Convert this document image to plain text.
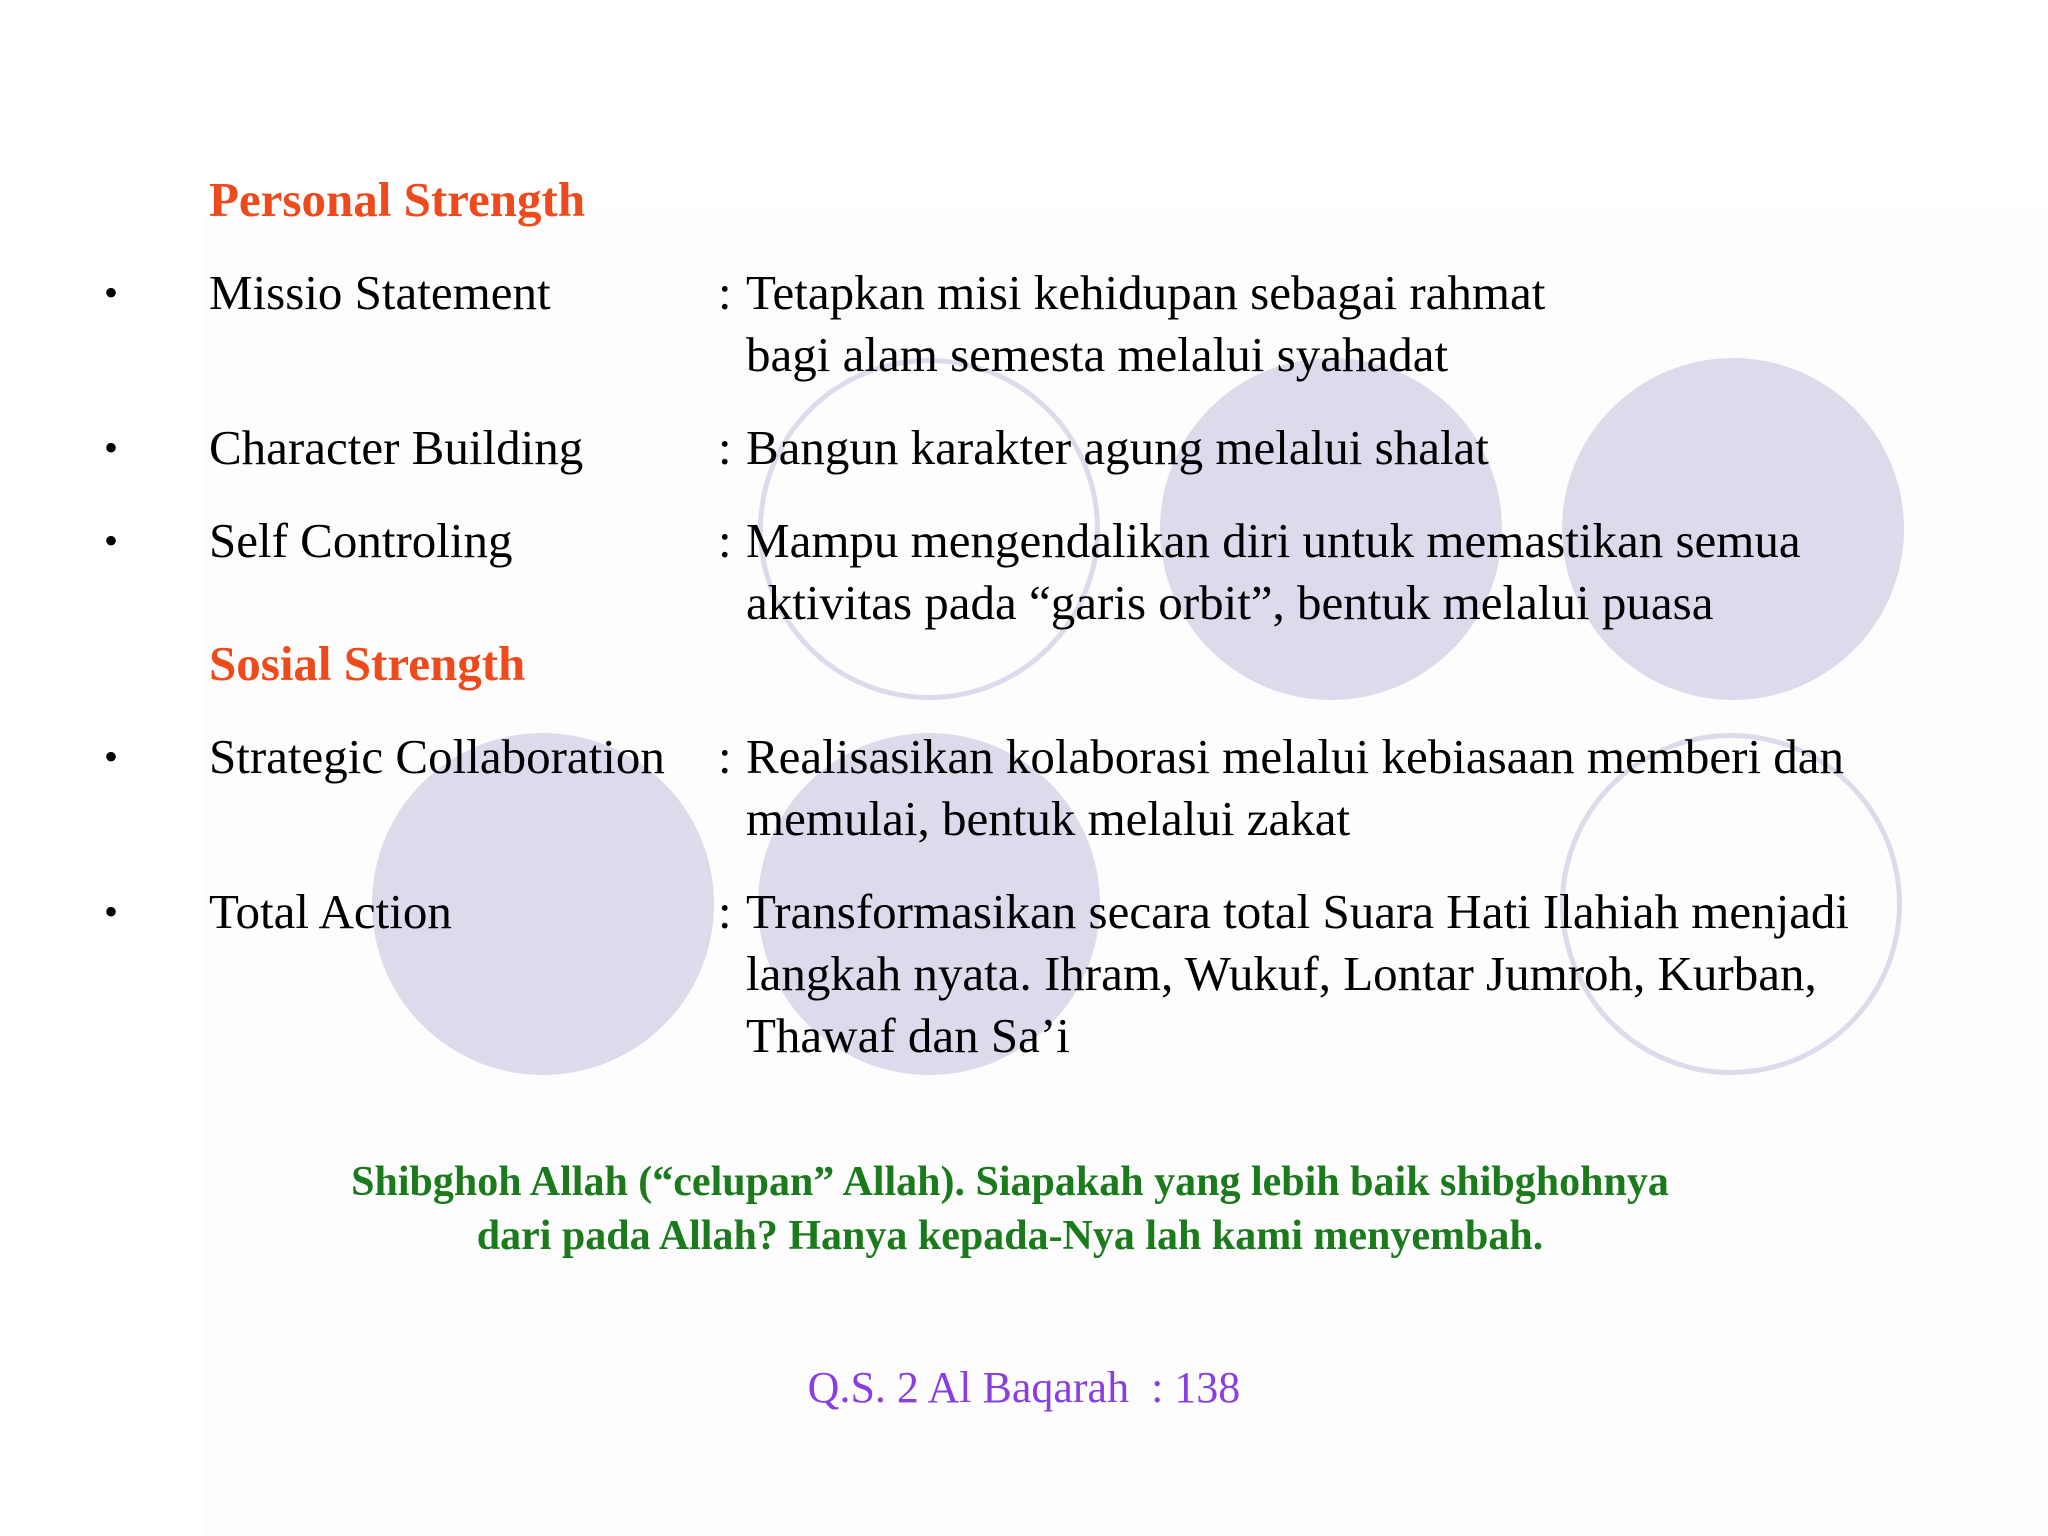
Personal Strength
• Missio Statement	: Tetapkan misi kehidupan sebagai rahmat
bagi alam semesta melalui syahadat
• Character Building	: Bangun karakter agung melalui shalat
• Self Controling	: Mampu mengendalikan diri untuk memastikan semua
aktivitas pada “garis orbit”, bentuk melalui puasa
Sosial Strength
• Strategic Collaboration : Realisasikan kolaborasi melalui kebiasaan memberi dan
memulai, bentuk melalui zakat
• Total Action	: Transformasikan secara total Suara Hati Ilahiah menjadi
langkah nyata. Ihram, Wukuf, Lontar Jumroh, Kurban,
Thawaf dan Sa’i
Shibghoh Allah (“celupan” Allah). Siapakah yang lebih baik shibghohnya
dari pada Allah? Hanya kepada-Nya lah kami menyembah.
Q.S. 2 Al Baqarah  : 138
